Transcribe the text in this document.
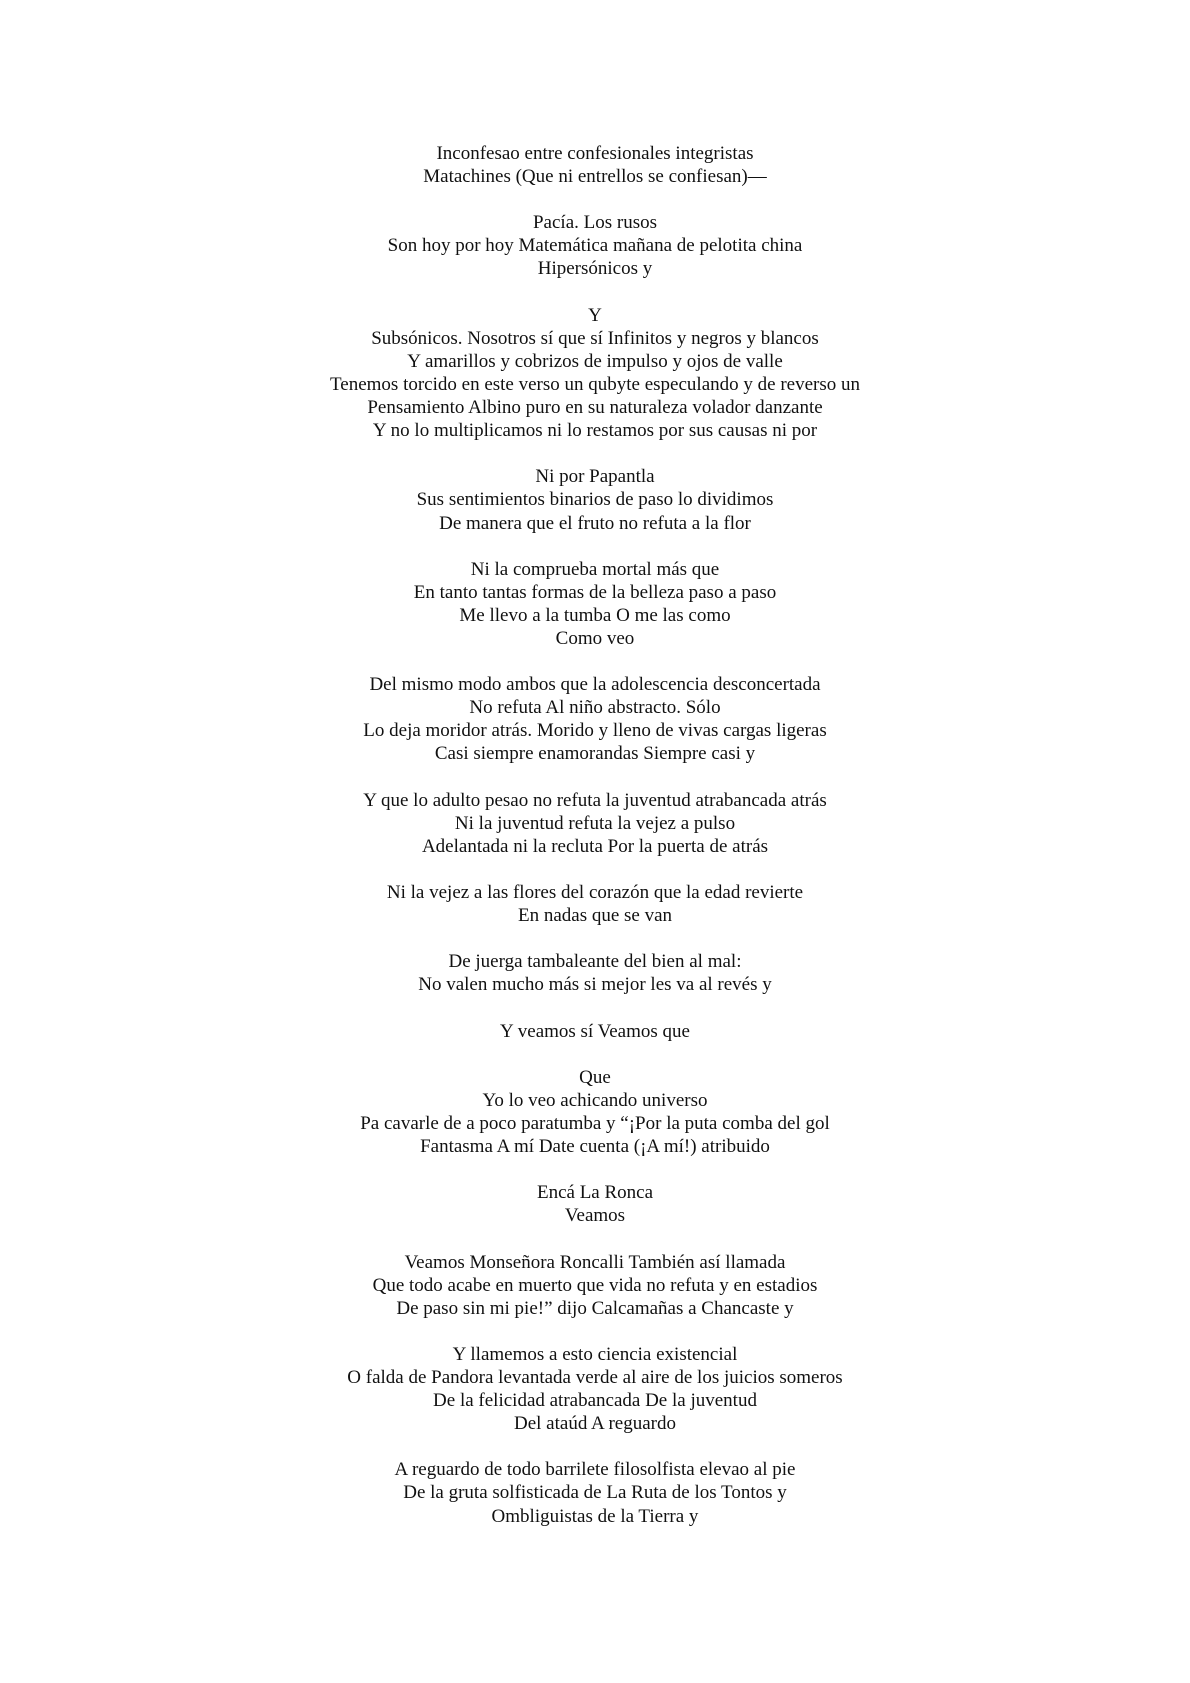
Inconfesao entre confesionales integristas
Matachines (Que ni entrellos se confiesan)—
Pacía. Los rusos
Son hoy por hoy Matemática mañana de pelotita china
Hipersónicos y
Y
Subsónicos. Nosotros sí que sí Infinitos y negros y blancos
Y amarillos y cobrizos de impulso y ojos de valle
Tenemos torcido en este verso un qubyte especulando y de reverso un
Pensamiento Albino puro en su naturaleza volador danzante
Y no lo multiplicamos ni lo restamos por sus causas ni por
Ni por Papantla
Sus sentimientos binarios de paso lo dividimos
De manera que el fruto no refuta a la flor
Ni la comprueba mortal más que
En tanto tantas formas de la belleza paso a paso
Me llevo a la tumba O me las como
Como veo
Del mismo modo ambos que la adolescencia desconcertada
No refuta Al niño abstracto. Sólo
Lo deja moridor atrás. Morido y lleno de vivas cargas ligeras
Casi siempre enamorandas Siempre casi y
Y que lo adulto pesao no refuta la juventud atrabancada atrás
Ni la juventud refuta la vejez a pulso
Adelantada ni la recluta Por la puerta de atrás
Ni la vejez a las flores del corazón que la edad revierte
En nadas que se van
De juerga tambaleante del bien al mal:
No valen mucho más si mejor les va al revés y
Y veamos sí Veamos que
Que
Yo lo veo achicando universo
Pa cavarle de a poco paratumba y “¡Por la puta comba del gol
Fantasma A mí Date cuenta (¡A mí!) atribuido
Encá La Ronca
Veamos
Veamos Monseñora Roncalli También así llamada
Que todo acabe en muerto que vida no refuta y en estadios
De paso sin mi pie!” dijo Calcamañas a Chancaste y
Y llamemos a esto ciencia existencial
O falda de Pandora levantada verde al aire de los juicios someros
De la felicidad atrabancada De la juventud
Del ataúd A reguardo
A reguardo de todo barrilete filosolfista elevao al pie
De la gruta solfisticada de La Ruta de los Tontos y
Ombliguistas de la Tierra y
